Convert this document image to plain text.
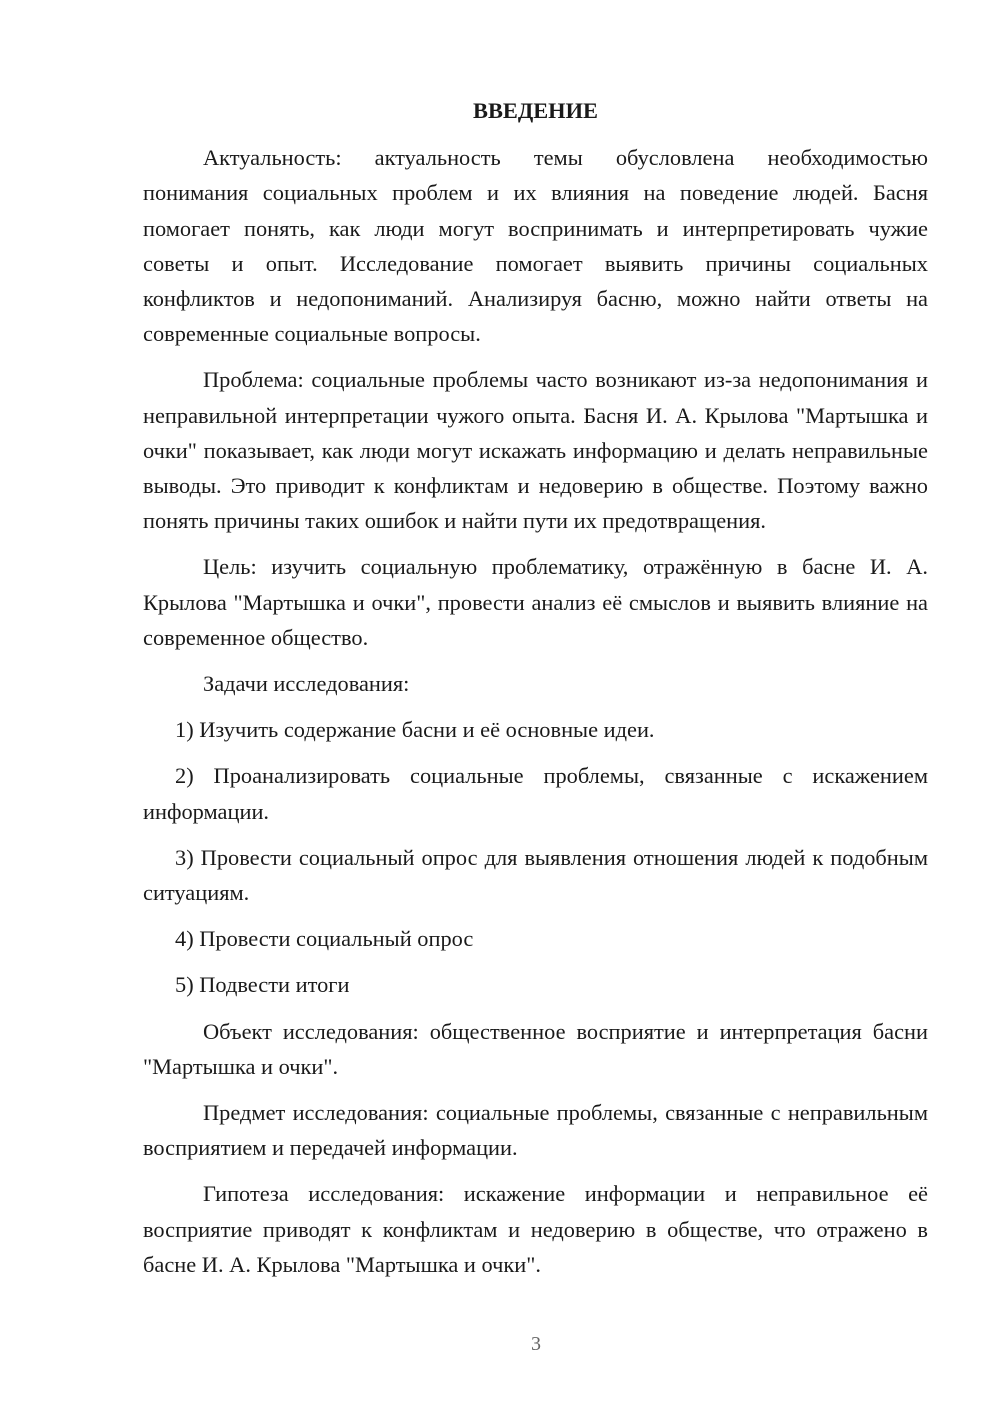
ВВЕДЕНИЕ

Актуальность: актуальность темы обусловлена необходимостью понимания социальных проблем и их влияния на поведение людей. Басня помогает понять, как люди могут воспринимать и интерпретировать чужие советы и опыт. Исследование помогает выявить причины социальных конфликтов и недопониманий. Анализируя басню, можно найти ответы на современные социальные вопросы.

Проблема: социальные проблемы часто возникают из-за недопонимания и неправильной интерпретации чужого опыта. Басня И. А. Крылова "Мартышка и очки" показывает, как люди могут искажать информацию и делать неправильные выводы. Это приводит к конфликтам и недоверию в обществе. Поэтому важно понять причины таких ошибок и найти пути их предотвращения.

Цель: изучить социальную проблематику, отражённую в басне И. А. Крылова "Мартышка и очки", провести анализ её смыслов и выявить влияние на современное общество.

Задачи исследования:

1) Изучить содержание басни и её основные идеи.

2) Проанализировать социальные проблемы, связанные с искажением информации.

3) Провести социальный опрос для выявления отношения людей к подобным ситуациям.

4) Провести социальный опрос

5) Подвести итоги

Объект исследования: общественное восприятие и интерпретация басни "Мартышка и очки".

Предмет исследования: социальные проблемы, связанные с неправильным восприятием и передачей информации.

Гипотеза исследования: искажение информации и неправильное её восприятие приводят к конфликтам и недоверию в обществе, что отражено в басне И. А. Крылова "Мартышка и очки".

3
